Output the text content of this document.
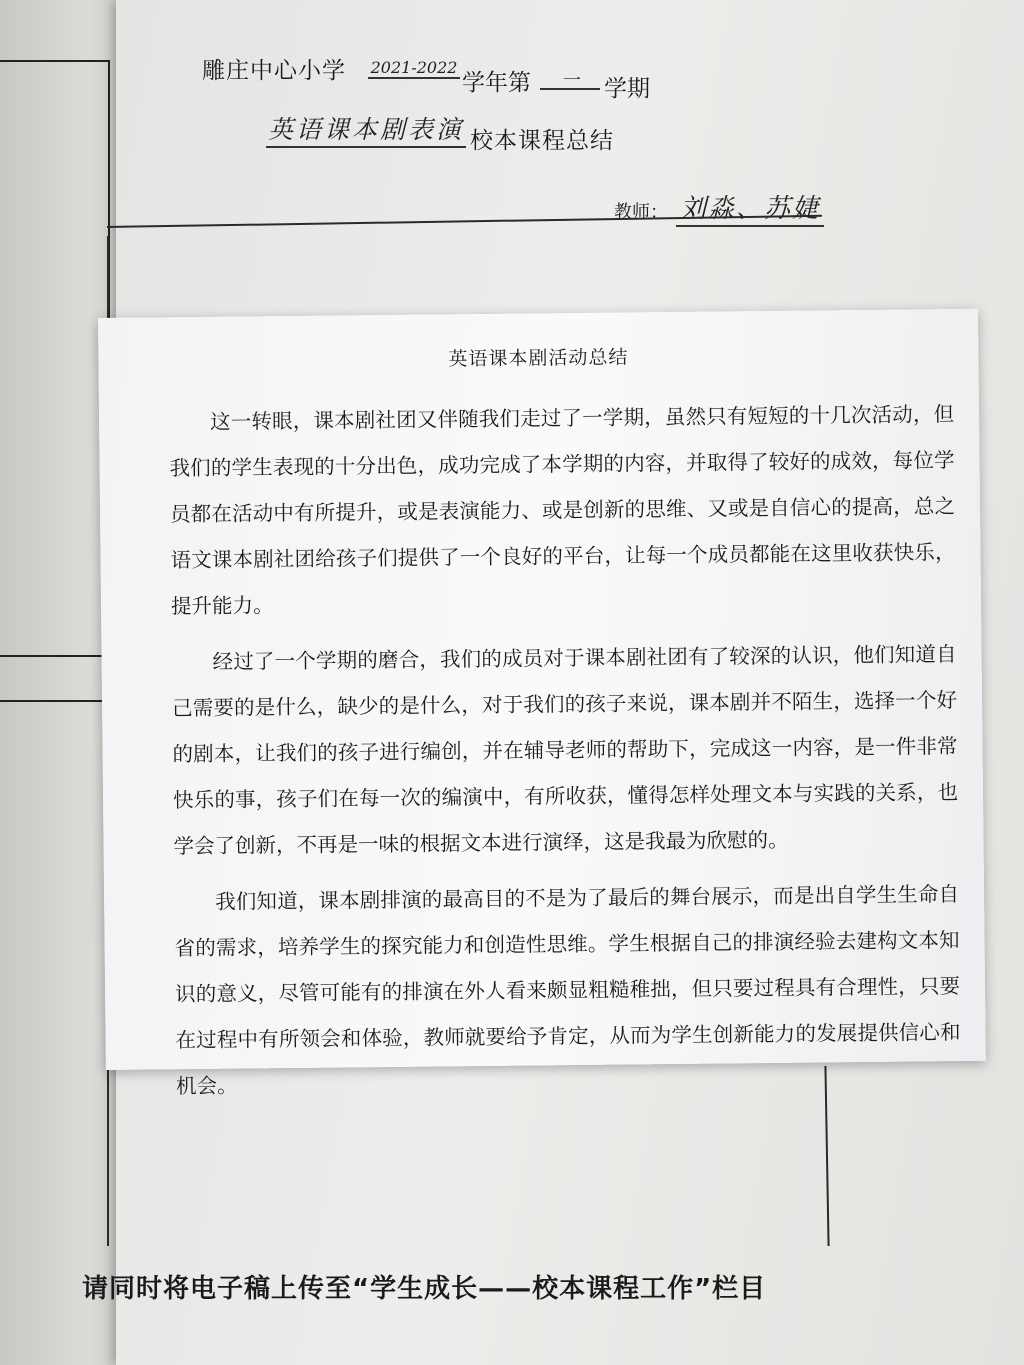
雕庄中心小学 2021-2022
学年第	一	学期
英语课本剧表演 校本课程总结
教师： 刘淼、苏婕
英语课本剧活动总结

这一转眼，课本剧社团又伴随我们走过了一学期，虽然只有短短的十几次活动，但我们的学生表现的十分出色，成功完成了本学期的内容，并取得了较好的成效，每位学员都在活动中有所提升，或是表演能力、或是创新的思维、又或是自信心的提高，总之语文课本剧社团给孩子们提供了一个良好的平台，让每一个成员都能在这里收获快乐，提升能力。

经过了一个学期的磨合，我们的成员对于课本剧社团有了较深的认识，他们知道自己需要的是什么，缺少的是什么，对于我们的孩子来说，课本剧并不陌生，选择一个好的剧本，让我们的孩子进行编创，并在辅导老师的帮助下，完成这一内容，是一件非常快乐的事，孩子们在每一次的编演中，有所收获，懂得怎样处理文本与实践的关系，也学会了创新，不再是一味的根据文本进行演绎，这是我最为欣慰的。

我们知道，课本剧排演的最高目的不是为了最后的舞台展示，而是出自学生生命自省的需求，培养学生的探究能力和创造性思维。学生根据自己的排演经验去建构文本知识的意义，尽管可能有的排演在外人看来颇显粗糙稚拙，但只要过程具有合理性，只要在过程中有所领会和体验，教师就要给予肯定，从而为学生创新能力的发展提供信心和机会。

请同时将电子稿上传至“学生成长——校本课程工作”栏目
